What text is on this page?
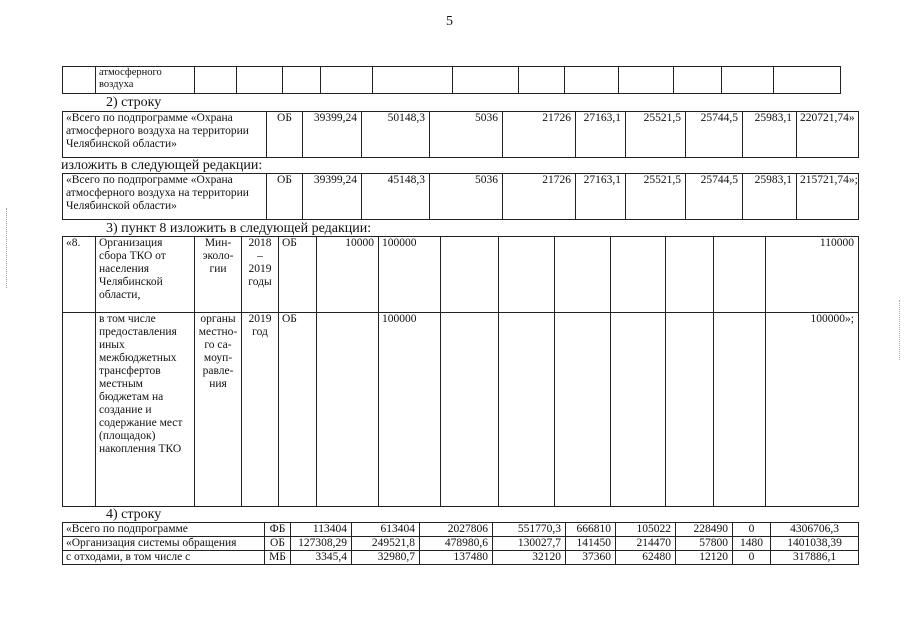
5
	атмосферного воздуха												
2) строку
«Всего по подпрограмме «Охрана атмосферного воздуха на территории Челябинской области»	ОБ	39399,24	50148,3	5036	21726	27163,1	25521,5	25744,5	25983,1	220721,74»
изложить в следующей редакции:
«Всего по подпрограмме «Охрана атмосферного воздуха на территории Челябинской области»	ОБ	39399,24	45148,3	5036	21726	27163,1	25521,5	25744,5	25983,1	215721,74»;
3) пункт 8 изложить в следующей редакции:
«8.	Организация сбора ТКО от населения Челябинской области,	Мин-эколо-гии	2018 – 2019 годы	ОБ	10000	100000							110000
	в том числе предоставления иных межбюджетных трансфертов местным бюджетам на создание и содержание мест (площадок) накопления ТКО	органы местно-го са-моуп-равле-ния	2019 год	ОБ		100000							100000»;
4) строку
«Всего по подпрограмме	ФБ	113404	613404	2027806	551770,3	666810	105022	228490	0	4306706,3
«Организация системы обращения	ОБ	127308,29	249521,8	478980,6	130027,7	141450	214470	57800	1480	1401038,39
с отходами, в том числе с	МБ	3345,4	32980,7	137480	32120	37360	62480	12120	0	317886,1
